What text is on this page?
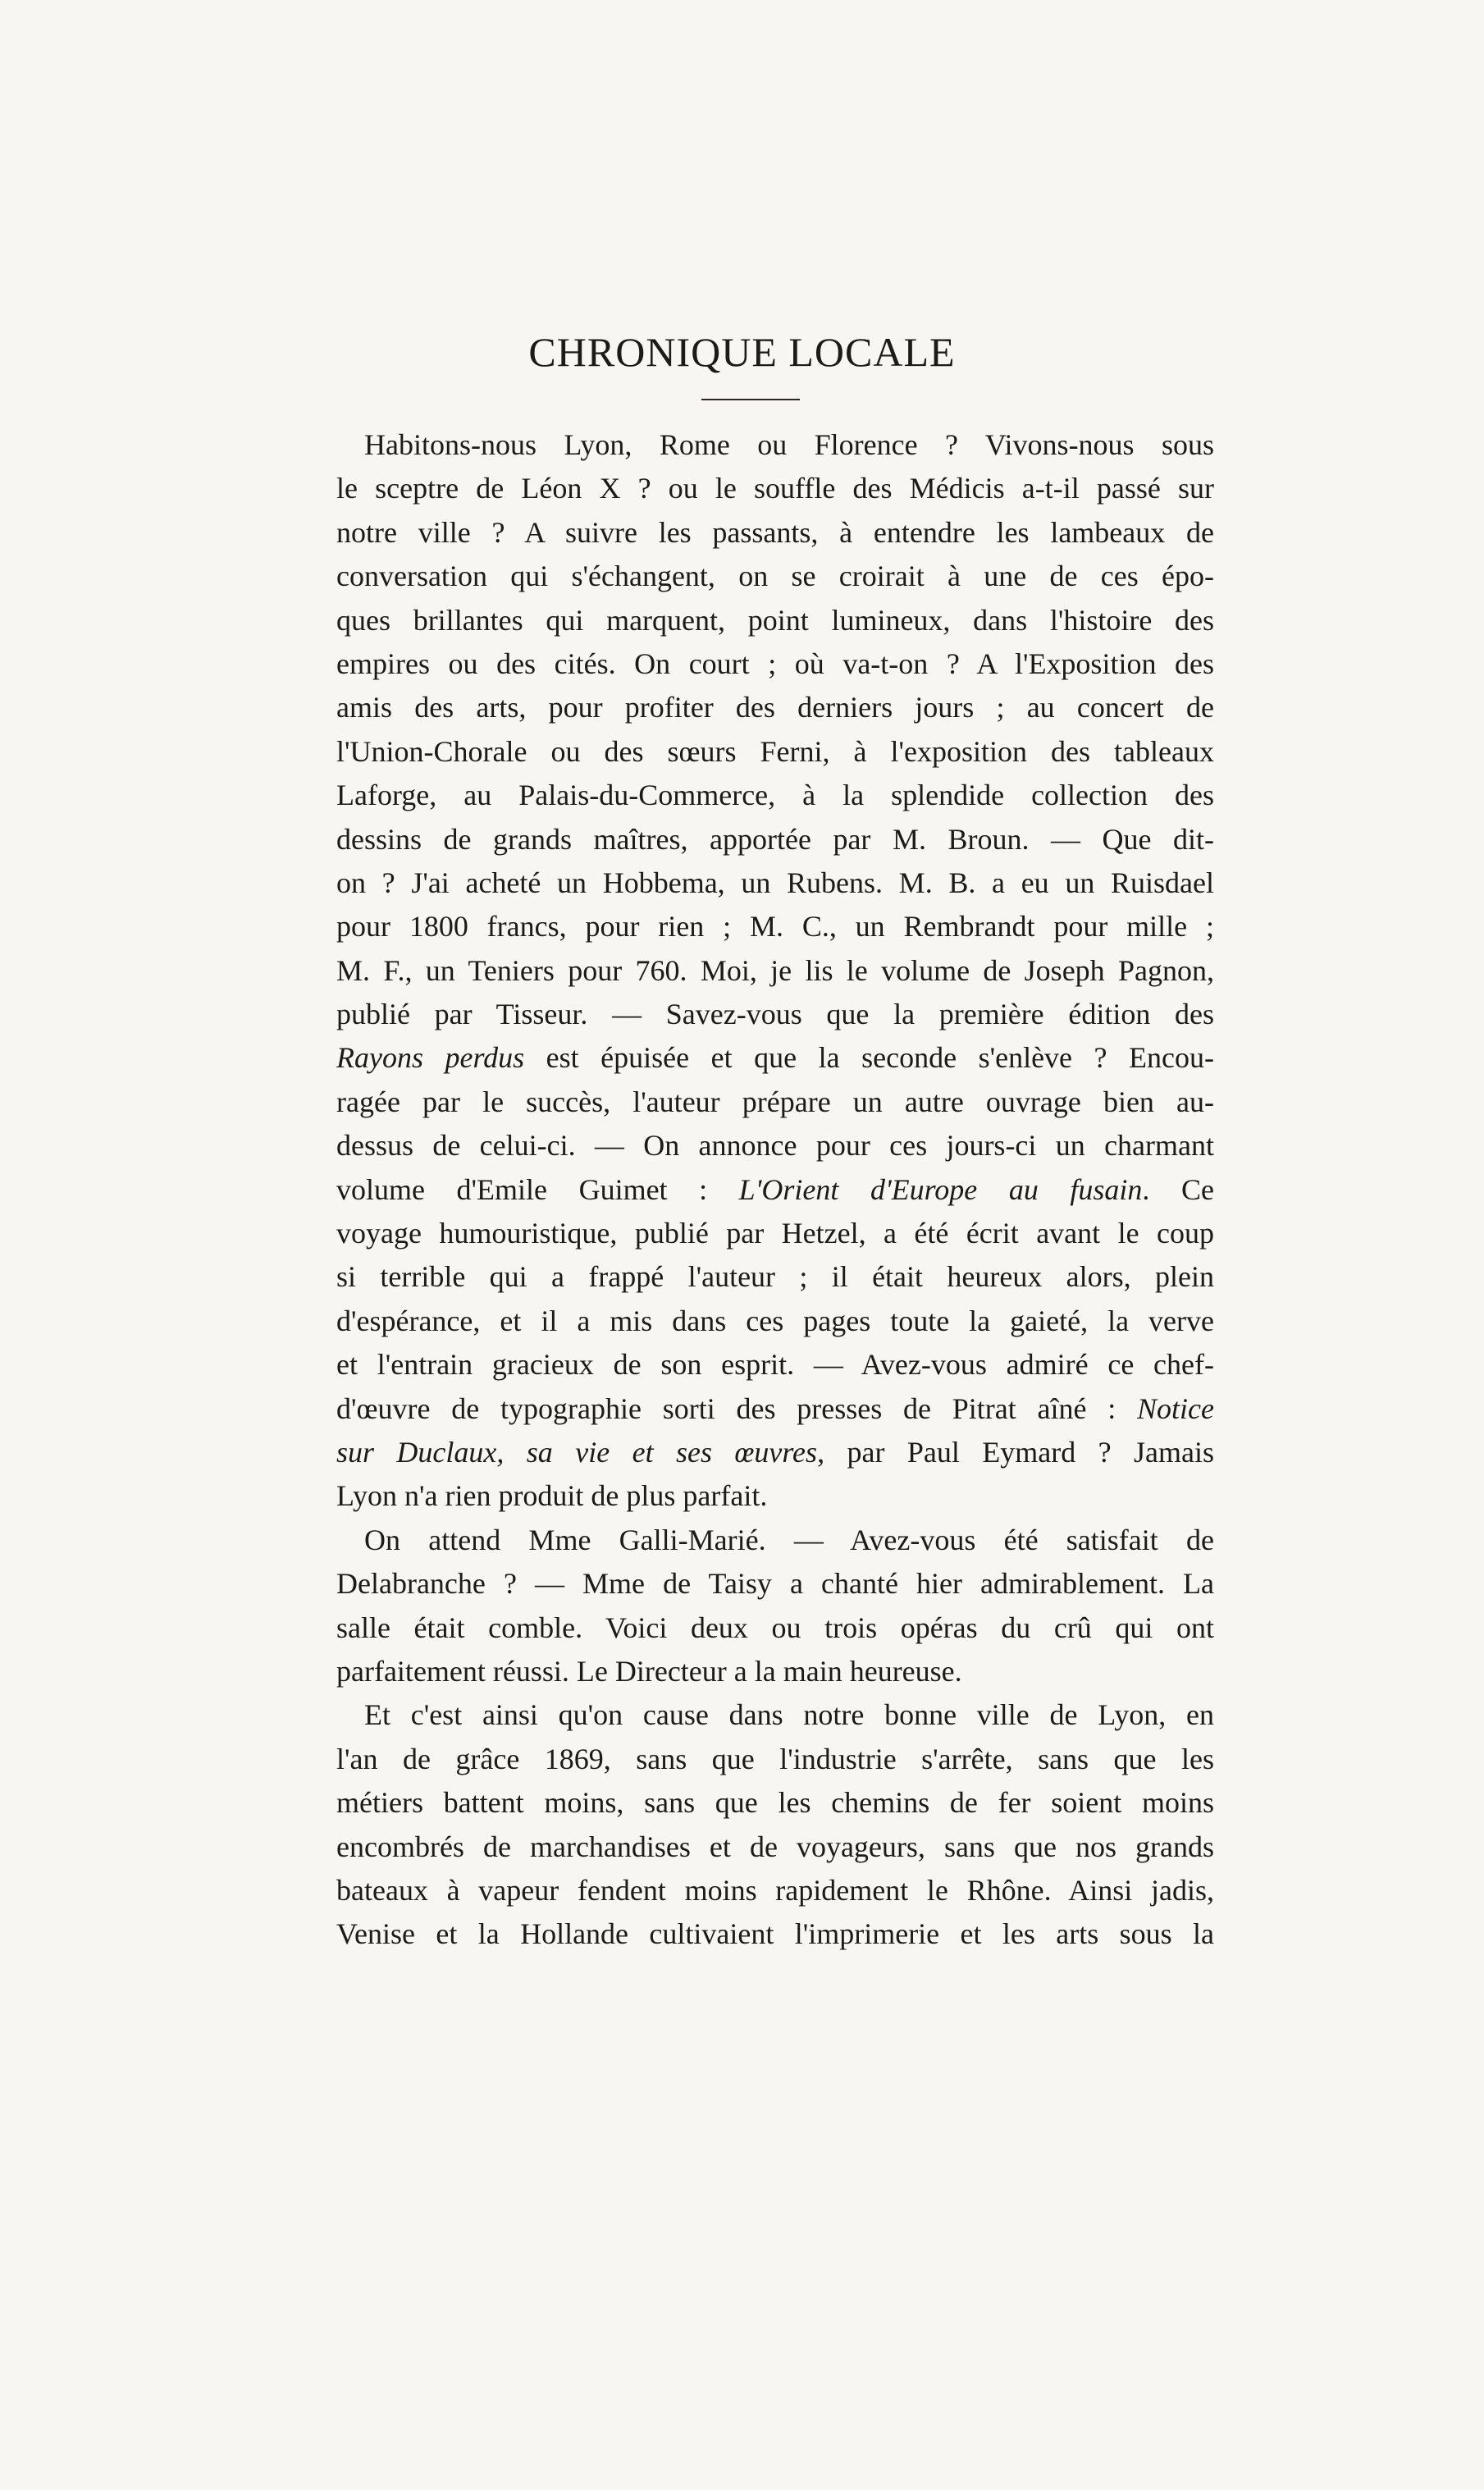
CHRONIQUE LOCALE
Habitons-nous Lyon, Rome ou Florence ? Vivons-nous sous
le sceptre de Léon X ? ou le souffle des Médicis a-t-il passé sur
notre ville ? A suivre les passants, à entendre les lambeaux de
conversation qui s'échangent, on se croirait à une de ces épo-
ques brillantes qui marquent, point lumineux, dans l'histoire des
empires ou des cités. On court ; où va-t-on ? A l'Exposition des
amis des arts, pour profiter des derniers jours ; au concert de
l'Union-Chorale ou des sœurs Ferni, à l'exposition des tableaux
Laforge, au Palais-du-Commerce, à la splendide collection des
dessins de grands maîtres, apportée par M. Broun. — Que dit-
on ? J'ai acheté un Hobbema, un Rubens. M. B. a eu un Ruisdael
pour 1800 francs, pour rien ; M. C., un Rembrandt pour mille ;
M. F., un Teniers pour 760. Moi, je lis le volume de Joseph Pagnon,
publié par Tisseur. — Savez-vous que la première édition des
Rayons perdus est épuisée et que la seconde s'enlève ? Encou-
ragée par le succès, l'auteur prépare un autre ouvrage bien au-
dessus de celui-ci. — On annonce pour ces jours-ci un charmant
volume d'Emile Guimet : L'Orient d'Europe au fusain. Ce
voyage humouristique, publié par Hetzel, a été écrit avant le coup
si terrible qui a frappé l'auteur ; il était heureux alors, plein
d'espérance, et il a mis dans ces pages toute la gaieté, la verve
et l'entrain gracieux de son esprit. — Avez-vous admiré ce chef-
d'œuvre de typographie sorti des presses de Pitrat aîné : Notice
sur Duclaux, sa vie et ses œuvres, par Paul Eymard ? Jamais
Lyon n'a rien produit de plus parfait.
On attend Mme Galli-Marié. — Avez-vous été satisfait de
Delabranche ? — Mme de Taisy a chanté hier admirablement. La
salle était comble. Voici deux ou trois opéras du crû qui ont
parfaitement réussi. Le Directeur a la main heureuse.
Et c'est ainsi qu'on cause dans notre bonne ville de Lyon, en
l'an de grâce 1869, sans que l'industrie s'arrête, sans que les
métiers battent moins, sans que les chemins de fer soient moins
encombrés de marchandises et de voyageurs, sans que nos grands
bateaux à vapeur fendent moins rapidement le Rhône. Ainsi jadis,
Venise et la Hollande cultivaient l'imprimerie et les arts sous la
